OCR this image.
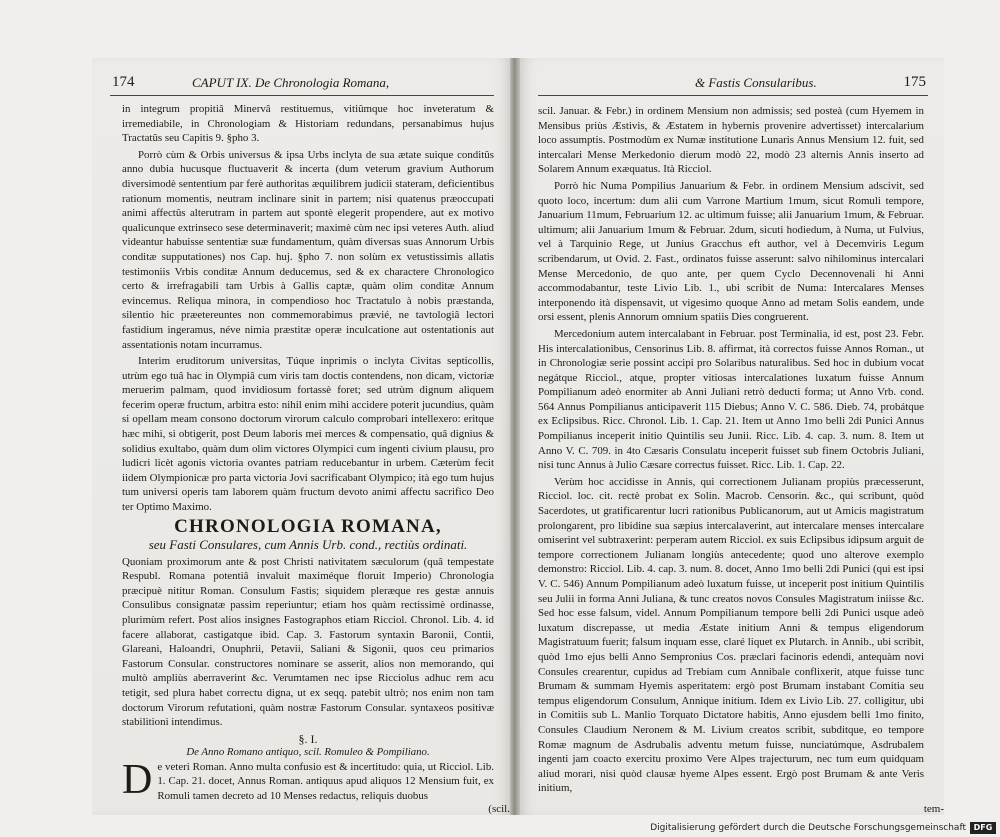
174	CAPUT IX. De Chronologia Romana,

in integrum propitiâ Minervâ restituemus, vitiûmque hoc inveteratum & irremediabile, in Chronologiam & Historiam redundans, persanabimus hujus Tractatûs seu Capitis 9. §pho 3.

Porrò cùm & Orbis universus & ipsa Urbs inclyta de sua ætate suique conditûs anno dubia hucusque fluctuaverit & incerta (dum veterum gravium Authorum diversimodè sententium par ferè authoritas æquilibrem judicii stateram, deficientibus rationum momentis, neutram inclinare sinit in partem; nisi quatenus præoccupati animi affectûs alterutram in partem aut spontè elegerit propendere, aut ex motivo qualicunque extrinseco sese determinaverit; maximè cùm nec ipsi veteres Auth. aliud videantur habuisse sententiæ suæ fundamentum, quàm diversas suas Annorum Urbis conditæ supputationes) nos Cap. huj. §pho 7. non solùm ex vetustissimis allatis testimoniis Vrbis conditæ Annum deducemus, sed & ex charactere Chronologico certo & irrefragabili tam Urbis à Gallis captæ, quàm olim conditæ Annum evincemus. Reliqua minora, in compendioso hoc Tractatulo à nobis præstanda, silentio hic præetereuntes non commemorabimus prævié, ne tavtologiâ lectori fastidium ingeramus, néve nimia præstitæ operæ inculcatione aut ostentationis aut assentationis notam incurramus.

Interim eruditorum universitas, Túque inprimis o inclyta Civitas septicollis, utrùm ego tuâ hac in Olympiâ cum viris tam doctis contendens, non dicam, victoriæ meruerim palmam, quod invidiosum fortassè foret; sed utrùm dignum aliquem fecerim operæ fructum, arbitra esto: nihil enim mihi accidere poterit jucundius, quàm si opellam meam consono doctorum virorum calculo comprobari intellexero: eritque hæc mihi, si obtigerit, post Deum laboris mei merces & compensatio, quâ dignius & solidius exultabo, quàm dum olim victores Olympici cum ingenti civium plausu, pro ludicri licèt agonis victoria ovantes patriam reducebantur in urbem. Cæterùm fecit iidem Olympionicæ pro parta victoria Jovi sacrificabant Olympico; ità ego tum hujus tum universi operis tam laborem quàm fructum devoto animi affectu sacrifico Deo ter Optimo Maximo.

CHRONOLOGIA ROMANA,
seu Fasti Consulares, cum Annis Urb. cond., rectiùs ordinati.

Quoniam proximorum ante & post Christi nativitatem sæculorum (quâ tempestate Respubl. Romana potentiâ invaluit maximéque floruit Imperio) Chronologia præcipuè nititur Roman. Consulum Fastis; siquidem pleræque res gestæ annuis Consulibus consignatæ passim reperiuntur; etiam hos quàm rectissimè ordinasse, plurimùm refert. Post alios insignes Fastographos etiam Ricciol. Chronol. Lib. 4. id facere allaborat, castigatque ibid. Cap. 3. Fastorum syntaxin Baronii, Contii, Glareani, Haloandri, Onuphrii, Petavii, Saliani & Sigonii, quos ceu primarios Fastorum Consular. constructores nominare se asserit, alios non memorando, qui multò ampliùs aberraverint &c. Verumtamen nec ipse Ricciolus adhuc rem acu tetigit, sed plura habet correctu digna, ut ex seqq. patebit ultrò; nos enim non tam doctorum Virorum refutationi, quàm nostræ Fastorum Consular. syntaxeos positivæ stabilitioni intendimus.

§. I.
De Anno Romano antiquo, scil. Romuleo & Pompiliano.

De veteri Roman. Anno multa confusio est & incertitudo: quia, ut Ricciol. Lib. 1. Cap. 21. docet, Annus Roman. antiquus apud aliquos 12 Mensium fuit, ex Romuli tamen decreto ad 10 Menses redactus, reliquis duobus

(scil.
& Fastis Consularibus.	175

scil. Januar. & Febr.) in ordinem Mensium non admissis; sed posteà (cum Hyemem in Mensibus priùs Æstivis, & Æstatem in hybernis provenire advertisset) intercalarium loco assumptis. Postmodùm ex Numæ institutione Lunaris Annus Mensium 12. fuit, sed intercalari Mense Merkedonio dierum modò 22, modò 23 alternis Annis inserto ad Solarem Annum exæquatus. Ità Ricciol.

Porrò hic Numa Pompilius Januarium & Febr. in ordinem Mensium adscivit, sed quoto loco, incertum: dum alii cum Varrone Martium 1mum, sicut Romuli tempore, Januarium 11mum, Februarium 12. ac ultimum fuisse; alii Januarium 1mum, & Februar. ultimum; alii Januarium 1mum & Februar. 2dum, sicuti hodiedum, à Numa, ut Fulvius, vel à Tarquinio Rege, ut Junius Gracchus eft author, vel à Decemviris Legum scribendarum, ut Ovid. 2. Fast., ordinatos fuisse asserunt: salvo nihilominus intercalari Mense Mercedonio, de quo ante, per quem Cyclo Decennovenali hi Anni accommodabantur, teste Livio Lib. 1., ubi scribit de Numa: Intercalares Menses interponendo ità dispensavit, ut vigesimo quoque Anno ad metam Solis eandem, unde orsi essent, plenis Annorum omnium spatiis Dies congruerent.

Mercedonium autem intercalabant in Februar. post Terminalia, id est, post 23. Febr. His intercalationibus, Censorinus Lib. 8. affirmat, ità correctos fuisse Annos Roman., ut in Chronologiæ serie possint accipi pro Solaribus naturalibus. Sed hoc in dubium vocat negátque Ricciol., atque, propter vitiosas intercalationes luxatum fuisse Annum Pompilianum adeò enormiter ab Anni Juliani retrò deducti forma; ut Anno Vrb. cond. 564 Annus Pompilianus anticipaverit 115 Diebus; Anno V. C. 586. Dieb. 74, probátque ex Eclipsibus. Ricc. Chronol. Lib. 1. Cap. 21. Item ut Anno 1mo belli 2di Punici Annus Pompilianus inceperit initio Quintilis seu Junii. Ricc. Lib. 4. cap. 3. num. 8. Item ut Anno V. C. 709. in 4to Cæsaris Consulatu inceperit fuisset sub finem Octobris Juliani, nisi tunc Annus à Julio Cæsare correctus fuisset. Ricc. Lib. 1. Cap. 22.

Verùm hoc accidisse in Annis, qui correctionem Julianam propiùs præcesserunt, Ricciol. loc. cit. rectè probat ex Solin. Macrob. Censorin. &c., qui scribunt, quòd Sacerdotes, ut gratificarentur lucri rationibus Publicanorum, aut ut Amicis magistratum prolongarent, pro libidine sua sæpius intercalaverint, aut intercalare menses intercalare omiserint vel subtraxerint: perperam autem Ricciol. ex suis Eclipsibus idipsum arguit de tempore correctionem Julianam longiùs antecedente; quod uno alterove exemplo demonstro: Ricciol. Lib. 4. cap. 3. num. 8. docet, Anno 1mo belli 2di Punici (qui est ipsi V. C. 546) Annum Pompilianum adeò luxatum fuisse, ut inceperit post initium Quintilis seu Julii in forma Anni Juliana, & tunc creatos novos Consules Magistratum iniisse &c. Sed hoc esse falsum, videl. Annum Pompilianum tempore belli 2di Punici usque adeò luxatum discrepasse, ut media Æstate initium Anni & tempus eligendorum Magistratuum fuerit; falsum inquam esse, claré liquet ex Plutarch. in Annib., ubi scribit, quòd 1mo ejus belli Anno Sempronius Cos. præclari facinoris edendi, antequàm novi Consules crearentur, cupidus ad Trebiam cum Annibale conflixerit, atque fuisse tunc Brumam & summam Hyemis asperitatem: ergò post Brumam instabant Comitia seu tempus eligendorum Consulum, Annique initium. Idem ex Livio Lib. 27. colligitur, ubi in Comitiis sub L. Manlio Torquato Dictatore habitis, Anno ejusdem belli 1mo finito, Consules Claudium Neronem & M. Livium creatos scribit, subditque, eo tempore Romæ magnum de Asdrubalis adventu metum fuisse, nunciatúmque, Asdrubalem ingenti jam coacto exercitu proximo Vere Alpes trajecturum, nec tum eum quidquam aliud morari, nisi quòd clausæ hyeme Alpes essent. Ergò post Brumam & ante Veris initium,

tem-
Digitalisierung gefördert durch die Deutsche Forschungsgemeinschaft DFG
